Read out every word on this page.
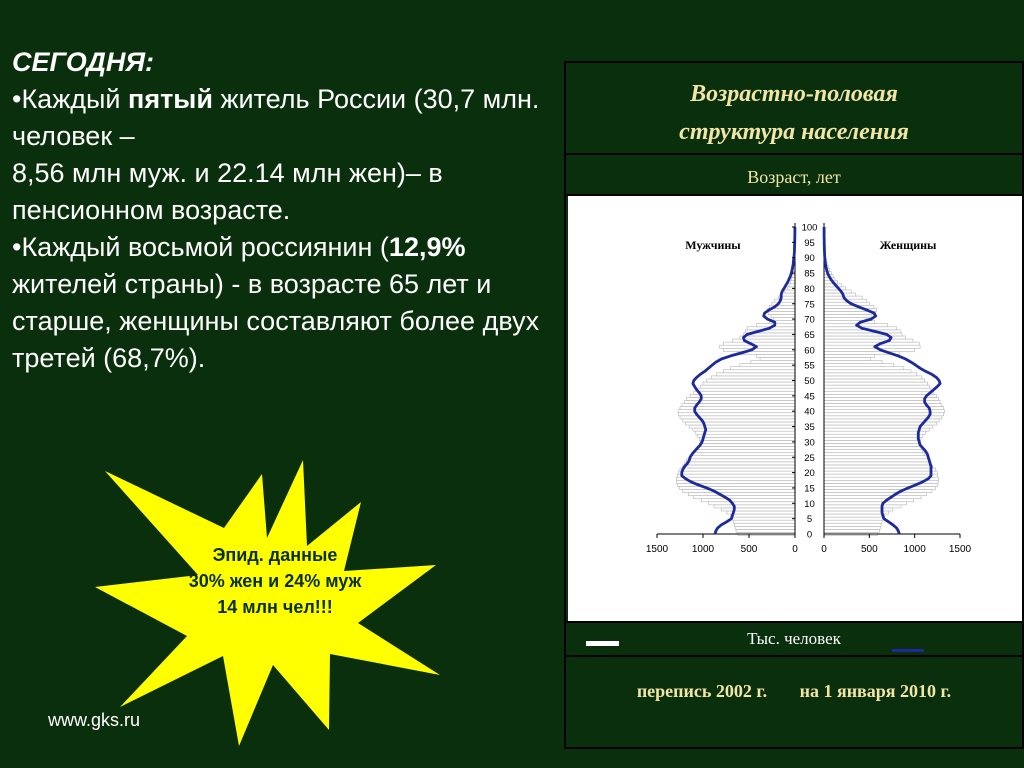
СЕГОДНЯ:
•Каждый пятый житель России (30,7 млн. человек –
8,56 млн муж. и 22.14 млн жен)– в пенсионном возрасте.
•Каждый восьмой россиянин (12,9% жителей страны) - в возрасте 65 лет и старше, женщины составляют более двух третей (68,7%).
Эпид. данные
30% жен и 24% муж
14 млн чел!!!
www.gks.ru
Возрастно-половая
структура населения
Возраст, лет
0
5
10
15
20
25
30
35
40
45
50
55
60
65
70
75
80
85
90
95
100
1500 1000	500	0 0	500	1000 1500
Мужчины	Женщины
Тыс. человек
перепись 2002 г. на 1 января 2010 г.
